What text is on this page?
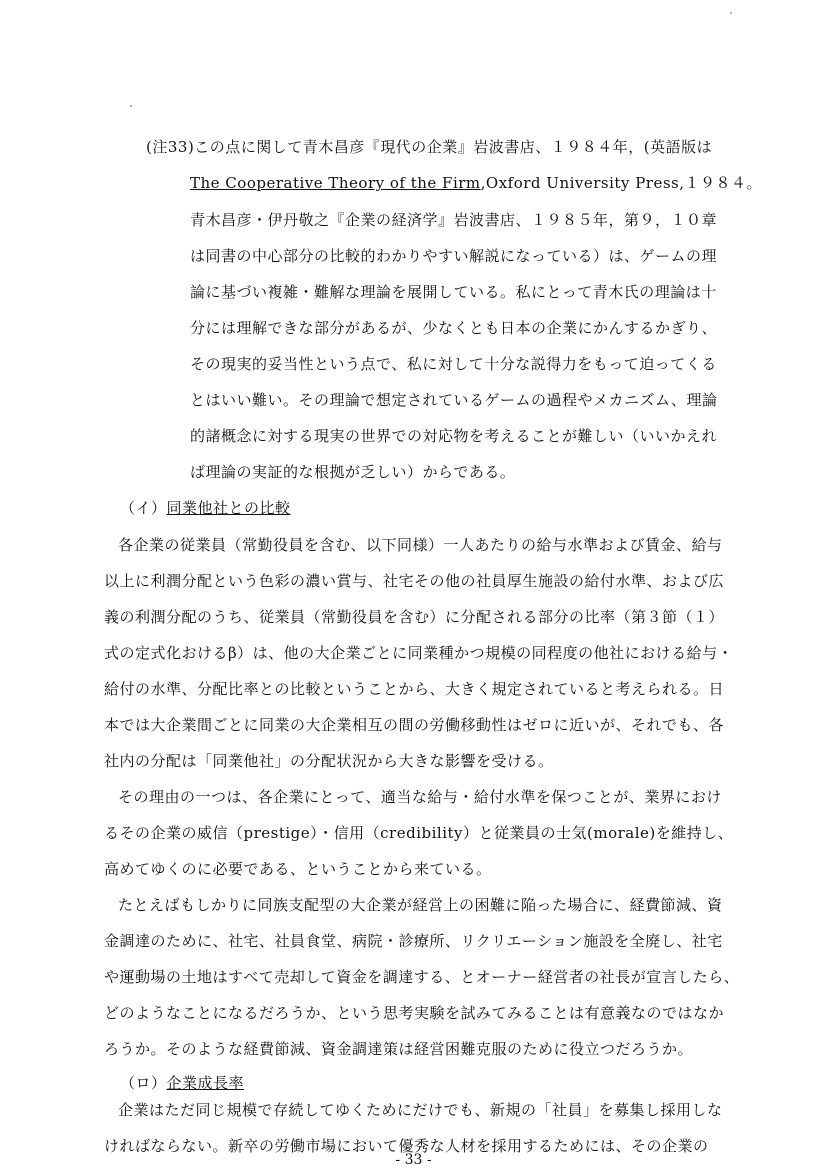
(注33)この点に関して青木昌彦『現代の企業』岩波書店、１９８４年，(英語版は
The Cooperative Theory of the Firm,Oxford University Press,１９８４。
青木昌彦・伊丹敬之『企業の経済学』岩波書店、１９８５年，第９，１０章
は同書の中心部分の比較的わかりやすい解説になっている）は、ゲームの理
論に基づい複雑・難解な理論を展開している。私にとって青木氏の理論は十
分には理解できな部分があるが、少なくとも日本の企業にかんするかぎり、
その現実的妥当性という点で、私に対して十分な説得力をもって迫ってくる
とはいい難い。その理論で想定されているゲームの過程やメカニズム、理論
的諸概念に対する現実の世界での対応物を考えることが難しい（いいかえれ
ば理論の実証的な根拠が乏しい）からである。
（イ）同業他社との比較
各企業の従業員（常勤役員を含む、以下同様）一人あたりの給与水準および賃金、給与
以上に利潤分配という色彩の濃い賞与、社宅その他の社員厚生施設の給付水準、および広
義の利潤分配のうち、従業員（常勤役員を含む）に分配される部分の比率（第３節（１）
式の定式化おけるβ）は、他の大企業ごとに同業種かつ規模の同程度の他社における給与・
給付の水準、分配比率との比較ということから、大きく規定されていると考えられる。日
本では大企業間ごとに同業の大企業相互の間の労働移動性はゼロに近いが、それでも、各
社内の分配は「同業他社」の分配状況から大きな影響を受ける。
その理由の一つは、各企業にとって、適当な給与・給付水準を保つことが、業界におけ
るその企業の威信（prestige）・信用（credibility）と従業員の士気(morale)を維持し、
高めてゆくのに必要である、ということから来ている。
たとえばもしかりに同族支配型の大企業が経営上の困難に陥った場合に、経費節減、資
金調達のために、社宅、社員食堂、病院・診療所、リクリエーション施設を全廃し、社宅
や運動場の土地はすべて売却して資金を調達する、とオーナー経営者の社長が宣言したら、
どのようなことになるだろうか、という思考実験を試みてみることは有意義なのではなか
ろうか。そのような経費節減、資金調達策は経営困難克服のために役立つだろうか。
（ロ）企業成長率
企業はただ同じ規模で存続してゆくためにだけでも、新規の「社員」を募集し採用しな
ければならない。新卒の労働市場において優秀な人材を採用するためには、その企業の
- 33 -
